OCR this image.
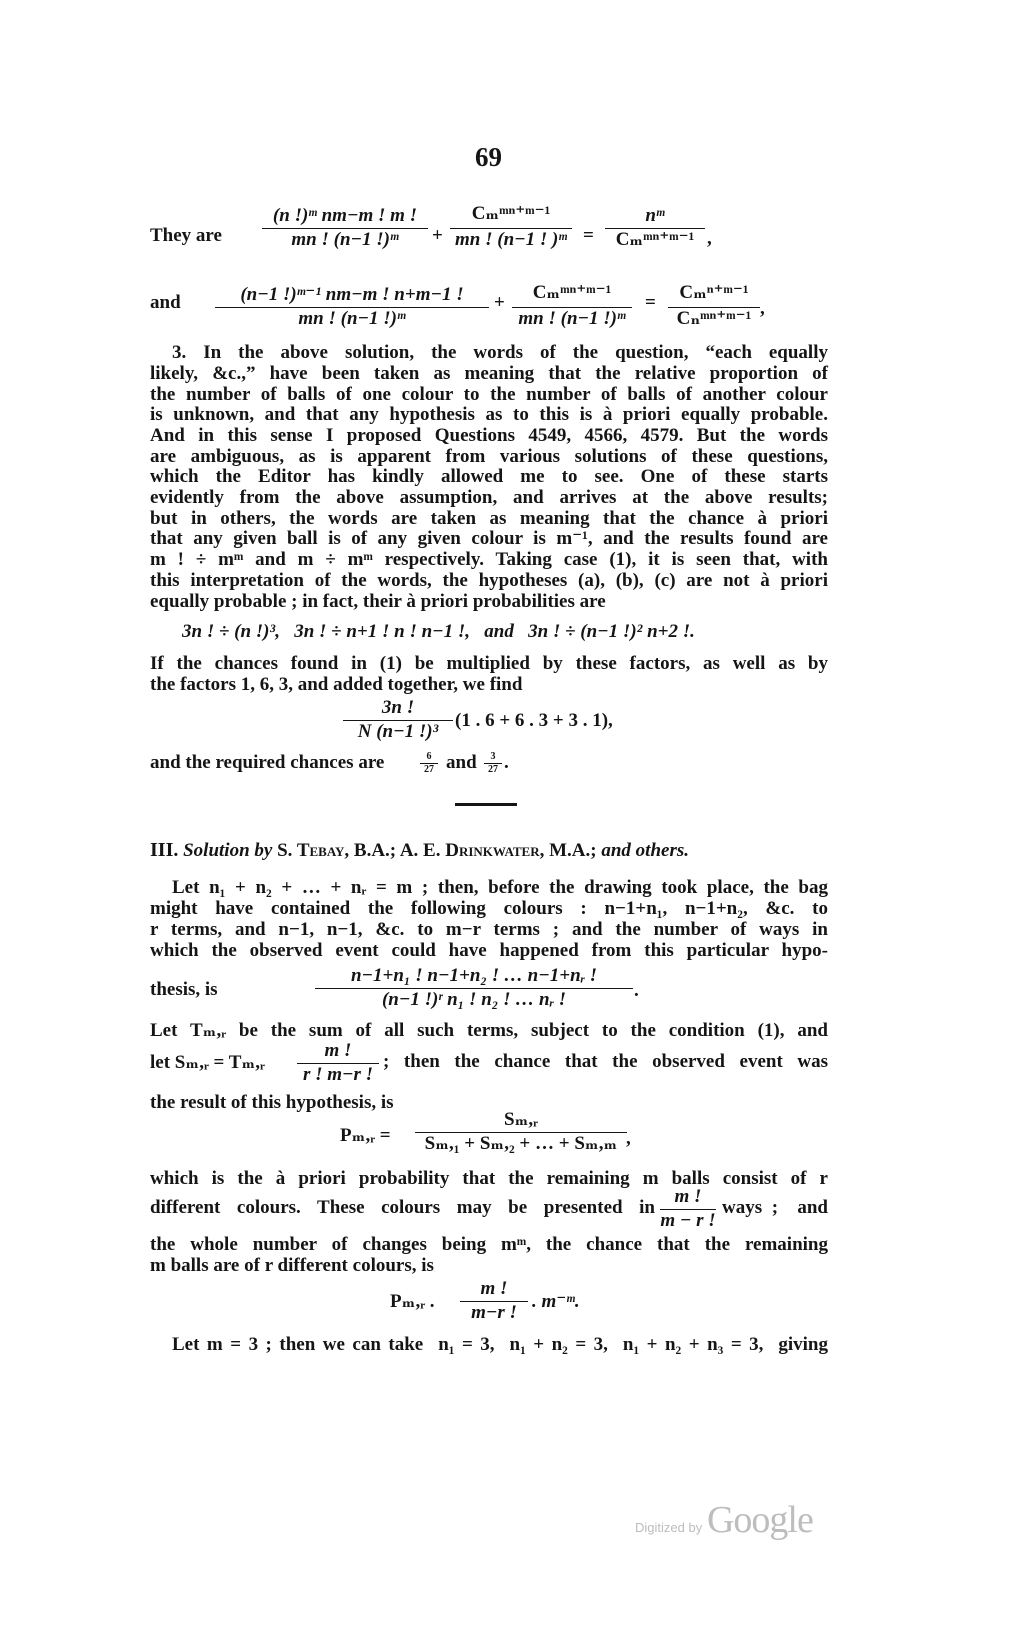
69
They are $\frac{\text{(n !)ᵐ nm−m ! m !}}{\text{mn ! (n−1 !)ᵐ}}$ +
Cₘᵐⁿ⁺ᵐ⁻¹
mn ! (n−1 ! )ᵐ =
nᵐ
Cₘᵐⁿ⁺ᵐ⁻¹ ,
and $\frac{\text{(n−1 !)ᵐ⁻¹ nm−m ! n+m−1 !}}{\text{mn ! (n−1 !)ᵐ}}$ +	Cₘᵐⁿ⁺ᵐ⁻¹
mn ! (n−1 !)ᵐ
=	Cₘⁿ⁺ᵐ⁻¹
Cₙᵐⁿ⁺ᵐ⁻¹ ,
3. In the above solution, the words of the question, “each equally
likely, &c.,” have been taken as meaning that the relative proportion of
the number of balls of one colour to the number of balls of another colour
is unknown, and that any hypothesis as to this is à priori equally probable.
And in this sense I proposed Questions 4549, 4566, 4579. But the words
are ambiguous, as is apparent from various solutions of these questions,
which the Editor has kindly allowed me to see. One of these starts
evidently from the above assumption, and arrives at the above results;
but in others, the words are taken as meaning that the chance à priori
that any given ball is of any given colour is m⁻¹, and the results found are
m ! ÷ mᵐ and m ÷ mᵐ respectively. Taking case (1), it is seen that, with
this interpretation of the words, the hypotheses (a), (b), (c) are not à priori
equally probable ; in fact, their à priori probabilities are
3n ! ÷ (n !)³,   3n ! ÷ n+1 ! n ! n−1 !,   and   3n ! ÷ (n−1 !)² n+2 !.
If the chances found in (1) be multiplied by these factors, as well as by
the factors 1, 6, 3, and added together, we find
$\frac{3n !}{\text{N (n−1 !)³}} (1$ . 6 + 6 . 3 + 3 . 1),
and the required chances are	$\frac{6}{27}$ and $\frac{3}{27}$ .
III. Solution by S. Tebay, B.A.; A. E. Drinkwater, M.A.; and others.
Let n₁ + n₂ + … + nᵣ = m ; then, before the drawing took place, the bag
might have contained the following colours : n−1+n₁, n−1+n₂, &c. to
r terms, and n−1, n−1, &c. to m−r terms ; and the number of ways in
which the observed event could have happened from this particular hypo-
thesis, is	$\frac{\text{n−1+n₁ ! n−1+n₂ ! … n−1+nᵣ !}}{\text{(n−1 !)ʳ n₁ ! n₂ ! … nᵣ !}}$ .
Let Tₘ,ᵣ be the sum of all such terms, subject to the condition (1), and
let Sₘ,ᵣ = Tₘ,ᵣ $\frac{m !}{r ! m-r !}$ ; then the chance that the observed event was
the result of this hypothesis, is
Pₘ,ᵣ = $\frac{\text{Sₘ,ᵣ}}{\text{Sₘ,₁ + Sₘ,₂ + … + Sₘ,ₘ}}$ ,
which is the à priori probability that the remaining m balls consist of r
different colours. These colours may be presented in $\frac{m !}{m - r !}$ ways ;  and
the whole number of changes being mᵐ, the chance that the remaining
m balls are of r different colours, is
Pₘ,ᵣ . $\frac{m !}{m-r !}$ . m⁻ᵐ.
Let m = 3 ; then we can take  n₁ = 3,  n₁ + n₂ = 3,  n₁ + n₂ + n₃ = 3,  giving
Digitized by Google
